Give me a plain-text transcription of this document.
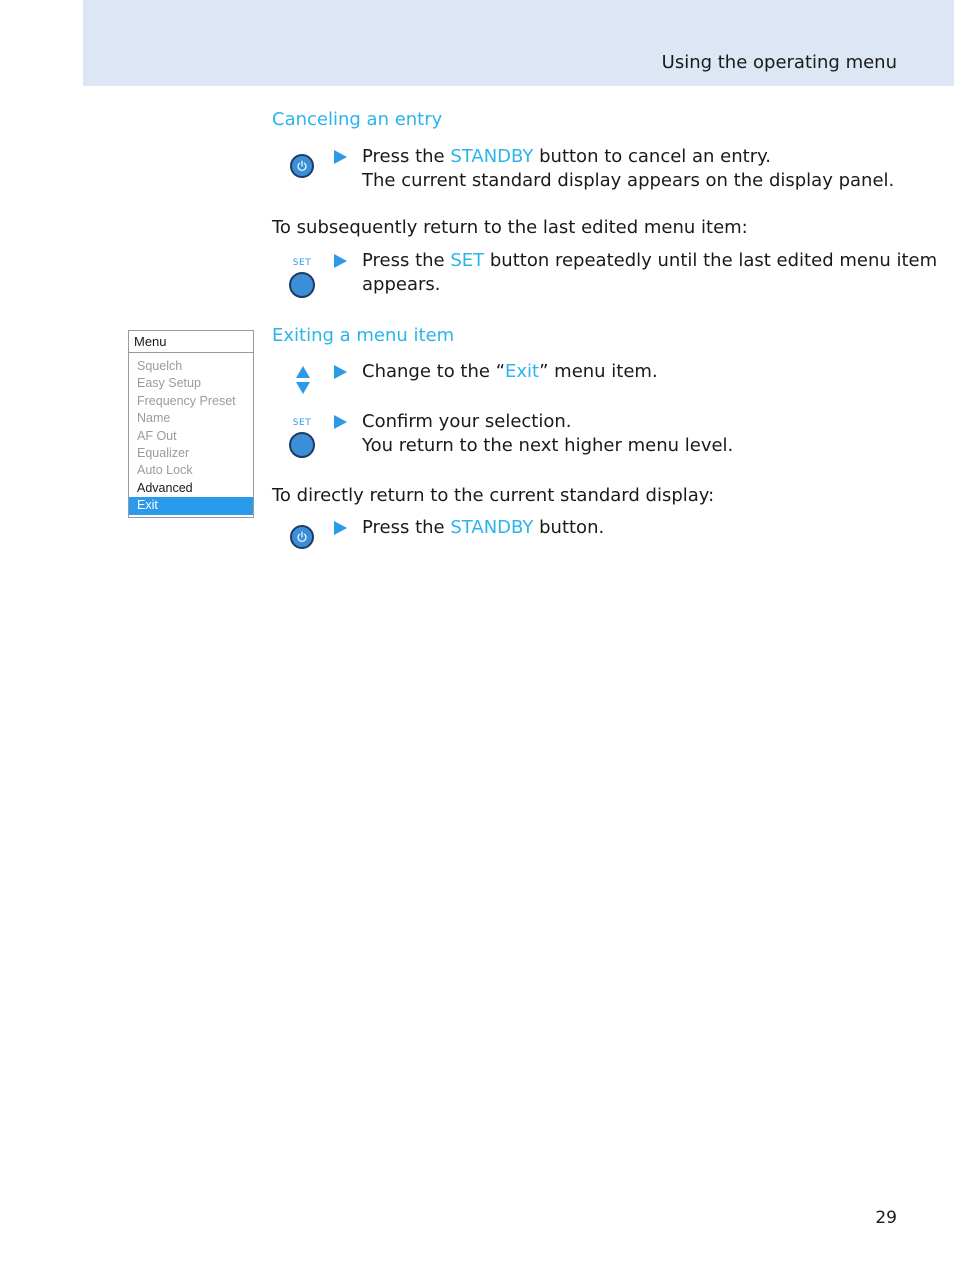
Using the operating menu
Canceling an entry
Press the STANDBY button to cancel an entry.
The current standard display appears on the display panel.
To subsequently return to the last edited menu item:
SET	Press the SET button repeatedly until the last edited menu item
appears.
Menu
Squelch
Easy Setup
Frequency Preset
Name
AF Out
Equalizer
Auto Lock
Advanced
Exit
Exiting a menu item
Change to the “Exit” menu item.
SET	Confirm your selection.
You return to the next higher menu level.
To directly return to the current standard display:
Press the STANDBY button.
29
